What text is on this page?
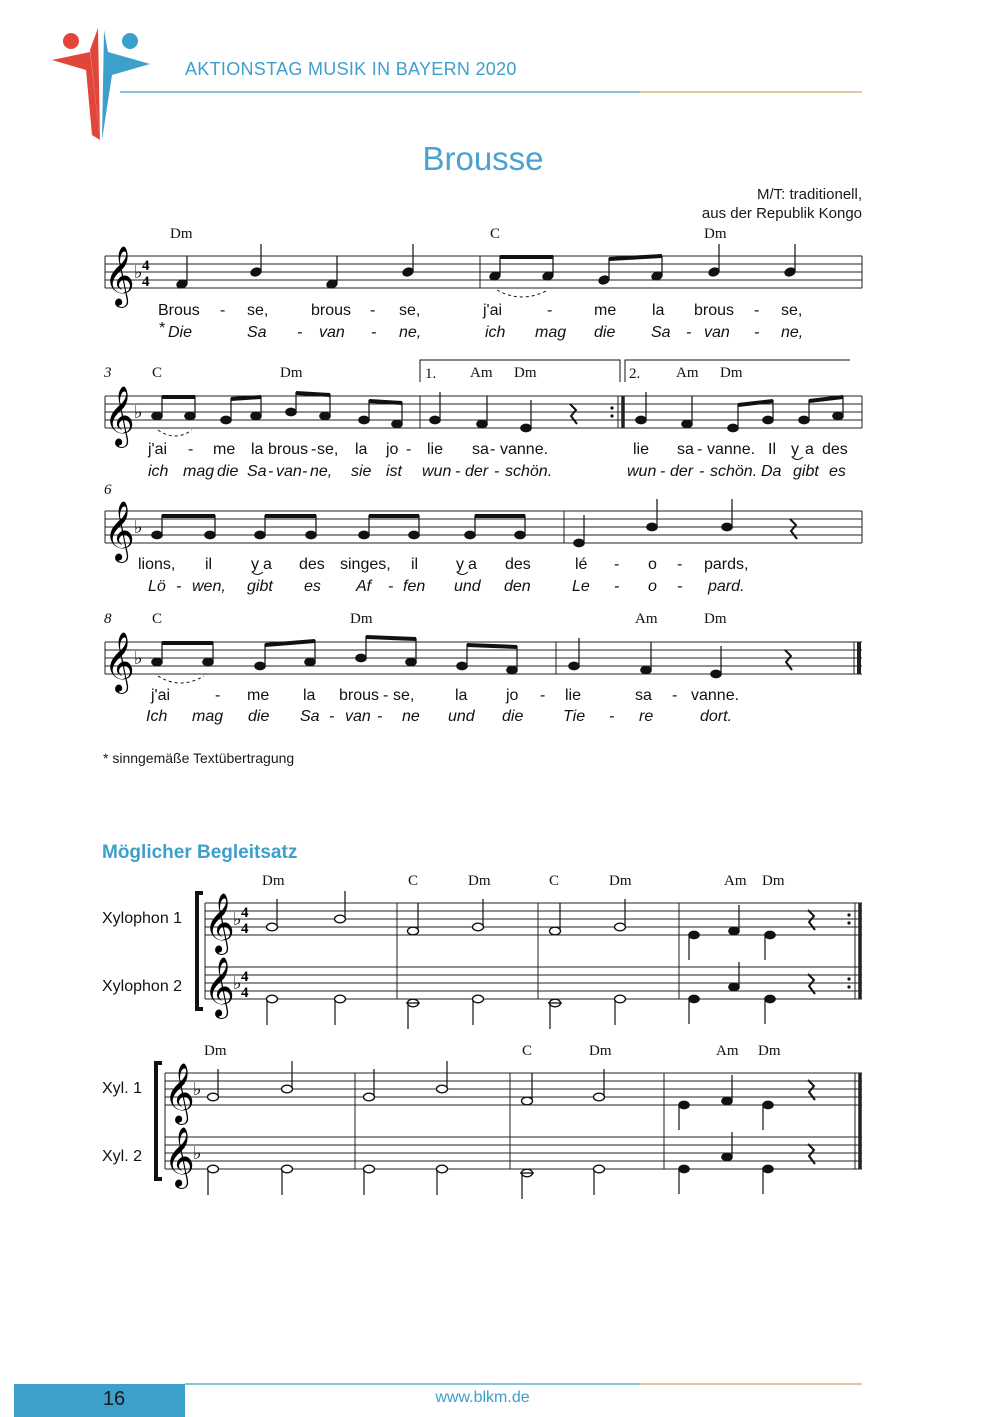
𝄞 ♭ 4
4
𝄞 ♭
𝄞 ♭
𝄞 ♭
𝄞
𝄞
♭
♭
4
4
4
4
𝄞
𝄞
♭
♭
Dm	C	Dm
Brous - se,	brous - se,	j'ai	-	me la brous - se,
* Die	Sa - van - ne,	ich mag die Sa - van - ne,
3	C	Dm	1. Am Dm	2. Am Dm
j'ai - me la brous - se, la jo - lie sa - vanne.	lie sa - vanne. Il y a des
ich mag die Sa - van - ne, sie ist wun - der - schön.	wun - der - schön. Da gibt es
6
lions, il y a des singes, il y a des	lé - o - pards,
Lö - wen, gibt es Af - fen und den	Le - o - pard.
8	C	Dm	Am	Dm
j'ai	- me la brous - se,	la jo - lie	sa - vanne.
Ich mag die Sa - van - ne und die Tie - re	dort.
Xylophon 1
Xylophon 2
Dm	C	Dm	C	Dm	Am Dm
Xyl. 1
Xyl. 2
Dm	C	Dm	Am Dm
AKTIONSTAG MUSIK IN BAYERN 2020
Brousse
M/T: traditionell,
aus der Republik Kongo
* sinngemäße Textübertragung
Möglicher Begleitsatz
16	www.blkm.de
